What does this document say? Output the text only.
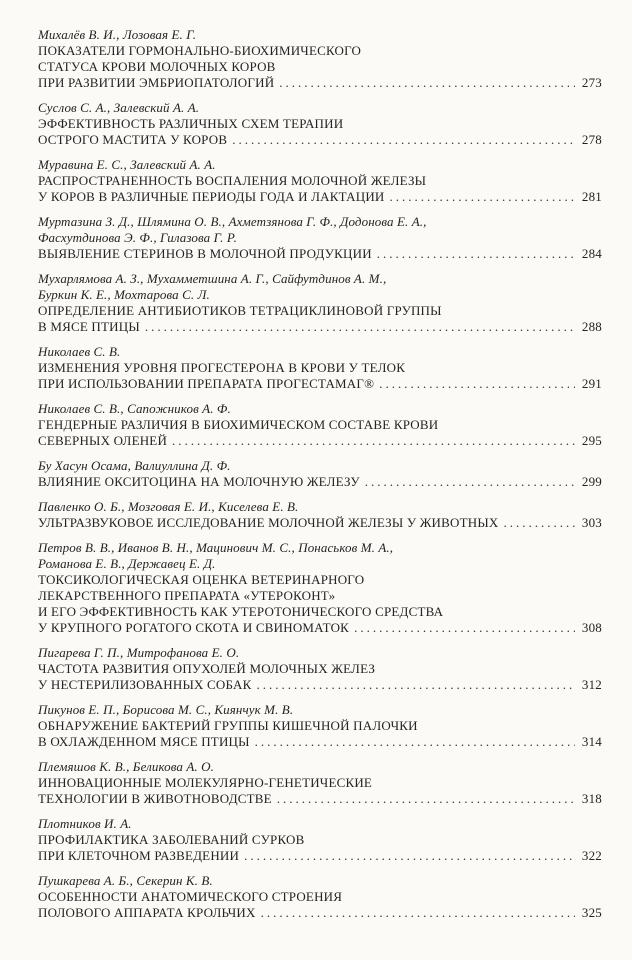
Михалёв В. И., Лозовая Е. Г.
ПОКАЗАТЕЛИ ГОРМОНАЛЬНО-БИОХИМИЧЕСКОГО
СТАТУСА КРОВИ МОЛОЧНЫХ КОРОВ
ПРИ РАЗВИТИИ ЭМБРИОПАТОЛОГИЙ .....	273
Суслов С. А., Залевский А. А.
ЭФФЕКТИВНОСТЬ РАЗЛИЧНЫХ СХЕМ ТЕРАПИИ
ОСТРОГО МАСТИТА У КОРОВ .....	278
Муравина Е. С., Залевский А. А.
РАСПРОСТРАНЕННОСТЬ ВОСПАЛЕНИЯ МОЛОЧНОЙ ЖЕЛЕЗЫ
У КОРОВ В РАЗЛИЧНЫЕ ПЕРИОДЫ ГОДА И ЛАКТАЦИИ .....	281
Муртазина З. Д., Шлямина О. В., Ахметзянова Г. Ф., Додонова Е. А.,
Фасхутдинова Э. Ф., Гилазова Г. Р.
ВЫЯВЛЕНИЕ СТЕРИНОВ В МОЛОЧНОЙ ПРОДУКЦИИ .....	284
Мухарлямова А. З., Мухамметшина А. Г., Сайфутдинов А. М.,
Буркин К. Е., Мохтарова С. Л.
ОПРЕДЕЛЕНИЕ АНТИБИОТИКОВ ТЕТРАЦИКЛИНОВОЙ ГРУППЫ
В МЯСЕ ПТИЦЫ .....	288
Николаев С. В.
ИЗМЕНЕНИЯ УРОВНЯ ПРОГЕСТЕРОНА В КРОВИ У ТЕЛОК
ПРИ ИСПОЛЬЗОВАНИИ ПРЕПАРАТА ПРОГЕСТАМАГ® .....	291
Николаев С. В., Сапожников А. Ф.
ГЕНДЕРНЫЕ РАЗЛИЧИЯ В БИОХИМИЧЕСКОМ СОСТАВЕ КРОВИ
СЕВЕРНЫХ ОЛЕНЕЙ .....	295
Бу Хасун Осама, Валиуллина Д. Ф.
ВЛИЯНИЕ ОКСИТОЦИНА НА МОЛОЧНУЮ ЖЕЛЕЗУ .....	299
Павленко О. Б., Мозговая Е. И., Киселева Е. В.
УЛЬТРАЗВУКОВОЕ ИССЛЕДОВАНИЕ МОЛОЧНОЙ ЖЕЛЕЗЫ У ЖИВОТНЫХ .....	303
Петров В. В., Иванов В. Н., Мацинович М. С., Понаськов М. А.,
Романова Е. В., Державец Е. Д.
ТОКСИКОЛОГИЧЕСКАЯ ОЦЕНКА ВЕТЕРИНАРНОГО
ЛЕКАРСТВЕННОГО ПРЕПАРАТА «УТЕРОКОНТ»
И ЕГО ЭФФЕКТИВНОСТЬ КАК УТЕРОТОНИЧЕСКОГО СРЕДСТВА
У КРУПНОГО РОГАТОГО СКОТА И СВИНОМАТОК .....	308
Пигарева Г. П., Митрофанова Е. О.
ЧАСТОТА РАЗВИТИЯ ОПУХОЛЕЙ МОЛОЧНЫХ ЖЕЛЕЗ
У НЕСТЕРИЛИЗОВАННЫХ СОБАК .....	312
Пикунов Е. П., Борисова М. С., Киянчук М. В.
ОБНАРУЖЕНИЕ БАКТЕРИЙ ГРУППЫ КИШЕЧНОЙ ПАЛОЧКИ
В ОХЛАЖДЕННОМ МЯСЕ ПТИЦЫ .....	314
Племяшов К. В., Беликова А. О.
ИННОВАЦИОННЫЕ МОЛЕКУЛЯРНО-ГЕНЕТИЧЕСКИЕ
ТЕХНОЛОГИИ В ЖИВОТНОВОДСТВЕ .....	318
Плотников И. А.
ПРОФИЛАКТИКА ЗАБОЛЕВАНИЙ СУРКОВ
ПРИ КЛЕТОЧНОМ РАЗВЕДЕНИИ .....	322
Пушкарева А. Б., Секерин К. В.
ОСОБЕННОСТИ АНАТОМИЧЕСКОГО СТРОЕНИЯ
ПОЛОВОГО АППАРАТА КРОЛЬЧИХ .....	325
